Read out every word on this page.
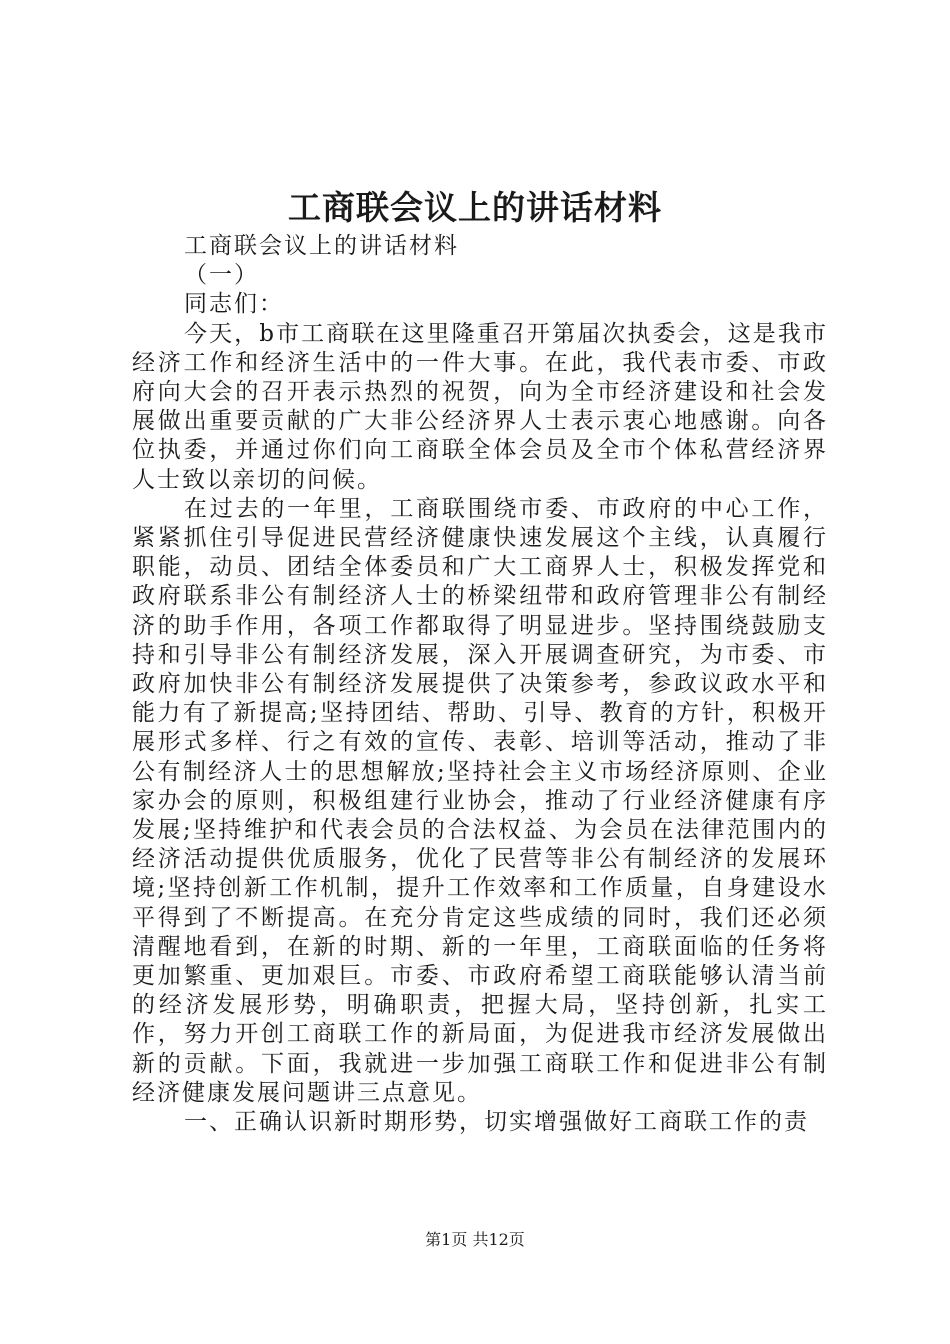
工商联会议上的讲话材料

工商联会议上的讲话材料

（一）

同志们：

今天，b市工商联在这里隆重召开第届次执委会，这是我市经济工作和经济生活中的一件大事。在此，我代表市委、市政府向大会的召开表示热烈的祝贺，向为全市经济建设和社会发展做出重要贡献的广大非公经济界人士表示衷心地感谢。向各位执委，并通过你们向工商联全体会员及全市个体私营经济界人士致以亲切的问候。

在过去的一年里，工商联围绕市委、市政府的中心工作，紧紧抓住引导促进民营经济健康快速发展这个主线，认真履行职能，动员、团结全体委员和广大工商界人士，积极发挥党和政府联系非公有制经济人士的桥梁纽带和政府管理非公有制经济的助手作用，各项工作都取得了明显进步。坚持围绕鼓励支持和引导非公有制经济发展，深入开展调查研究，为市委、市政府加快非公有制经济发展提供了决策参考，参政议政水平和能力有了新提高;坚持团结、帮助、引导、教育的方针，积极开展形式多样、行之有效的宣传、表彰、培训等活动，推动了非公有制经济人士的思想解放;坚持社会主义市场经济原则、企业家办会的原则，积极组建行业协会，推动了行业经济健康有序发展;坚持维护和代表会员的合法权益、为会员在法律范围内的经济活动提供优质服务，优化了民营等非公有制经济的发展环境;坚持创新工作机制，提升工作效率和工作质量，自身建设水平得到了不断提高。在充分肯定这些成绩的同时，我们还必须清醒地看到，在新的时期、新的一年里，工商联面临的任务将更加繁重、更加艰巨。市委、市政府希望工商联能够认清当前的经济发展形势，明确职责，把握大局，坚持创新，扎实工作，努力开创工商联工作的新局面，为促进我市经济发展做出新的贡献。下面，我就进一步加强工商联工作和促进非公有制经济健康发展问题讲三点意见。

一、正确认识新时期形势，切实增强做好工商联工作的责

第1页 共12页
